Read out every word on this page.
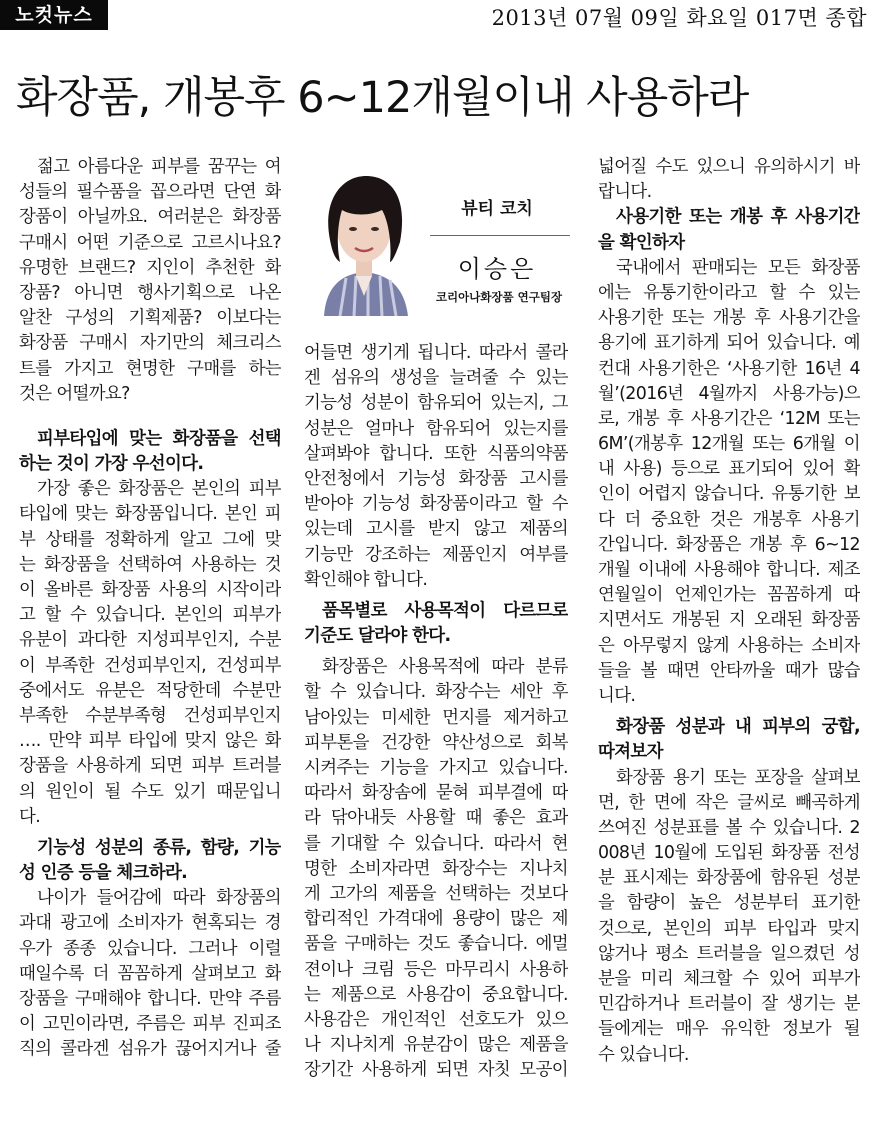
노컷뉴스	2013년 07월 09일 화요일 017면 종합
화장품, 개봉후 6~12개월이내 사용하라
젊고 아름다운 피부를 꿈꾸는 여
성들의 필수품을 꼽으라면 단연 화
장품이 아닐까요. 여러분은 화장품
구매시 어떤 기준으로 고르시나요?
유명한 브랜드? 지인이 추천한 화
장품? 아니면 행사기획으로 나온
알찬 구성의 기획제품? 이보다는
화장품 구매시 자기만의 체크리스
트를 가지고 현명한 구매를 하는
것은 어떨까요?
피부타입에 맞는 화장품을 선택
하는 것이 가장 우선이다.
가장 좋은 화장품은 본인의 피부
타입에 맞는 화장품입니다. 본인 피
부 상태를 정확하게 알고 그에 맞
는 화장품을 선택하여 사용하는 것
이 올바른 화장품 사용의 시작이라
고 할 수 있습니다. 본인의 피부가
유분이 과다한 지성피부인지, 수분
이 부족한 건성피부인지, 건성피부
중에서도 유분은 적당한데 수분만
부족한 수분부족형 건성피부인지
…. 만약 피부 타입에 맞지 않은 화
장품을 사용하게 되면 피부 트러블
의 원인이 될 수도 있기 때문입니
다.
기능성 성분의 종류, 함량, 기능
성 인증 등을 체크하라.
나이가 들어감에 따라 화장품의
과대 광고에 소비자가 현혹되는 경
우가 종종 있습니다. 그러나 이럴
때일수록 더 꼼꼼하게 살펴보고 화
장품을 구매해야 합니다. 만약 주름
이 고민이라면, 주름은 피부 진피조
직의 콜라겐 섬유가 끊어지거나 줄
뷰티 코치
이승은
코리아나화장품 연구팀장
어들면 생기게 됩니다. 따라서 콜라
겐 섬유의 생성을 늘려줄 수 있는
기능성 성분이 함유되어 있는지, 그
성분은 얼마나 함유되어 있는지를
살펴봐야 합니다. 또한 식품의약품
안전청에서 기능성 화장품 고시를
받아야 기능성 화장품이라고 할 수
있는데 고시를 받지 않고 제품의
기능만 강조하는 제품인지 여부를
확인해야 합니다.
품목별로 사용목적이 다르므로
기준도 달라야 한다.
화장품은 사용목적에 따라 분류
할 수 있습니다. 화장수는 세안 후
남아있는 미세한 먼지를 제거하고
피부톤을 건강한 약산성으로 회복
시켜주는 기능을 가지고 있습니다.
따라서 화장솜에 묻혀 피부결에 따
라 닦아내듯 사용할 때 좋은 효과
를 기대할 수 있습니다. 따라서 현
명한 소비자라면 화장수는 지나치
게 고가의 제품을 선택하는 것보다
합리적인 가격대에 용량이 많은 제
품을 구매하는 것도 좋습니다. 에멀
젼이나 크림 등은 마무리시 사용하
는 제품으로 사용감이 중요합니다.
사용감은 개인적인 선호도가 있으
나 지나치게 유분감이 많은 제품을
장기간 사용하게 되면 자칫 모공이
넓어질 수도 있으니 유의하시기 바
랍니다.
사용기한 또는 개봉 후 사용기간
을 확인하자
국내에서 판매되는 모든 화장품
에는 유통기한이라고 할 수 있는
사용기한 또는 개봉 후 사용기간을
용기에 표기하게 되어 있습니다. 예
컨대 사용기한은 ‘사용기한 16년 4
월’(2016년 4월까지 사용가능)으
로, 개봉 후 사용기간은 ‘12M 또는
6M’(개봉후 12개월 또는 6개월 이
내 사용) 등으로 표기되어 있어 확
인이 어렵지 않습니다. 유통기한 보
다 더 중요한 것은 개봉후 사용기
간입니다. 화장품은 개봉 후 6~12
개월 이내에 사용해야 합니다. 제조
연월일이 언제인가는 꼼꼼하게 따
지면서도 개봉된 지 오래된 화장품
은 아무렇지 않게 사용하는 소비자
들을 볼 때면 안타까울 때가 많습
니다.
화장품 성분과 내 피부의 궁합,
따져보자
화장품 용기 또는 포장을 살펴보
면, 한 면에 작은 글씨로 빼곡하게
쓰여진 성분표를 볼 수 있습니다. 2
008년 10월에 도입된 화장품 전성
분 표시제는 화장품에 함유된 성분
을 함량이 높은 성분부터 표기한
것으로, 본인의 피부 타입과 맞지
않거나 평소 트러블을 일으켰던 성
분을 미리 체크할 수 있어 피부가
민감하거나 트러블이 잘 생기는 분
들에게는 매우 유익한 정보가 될
수 있습니다.
